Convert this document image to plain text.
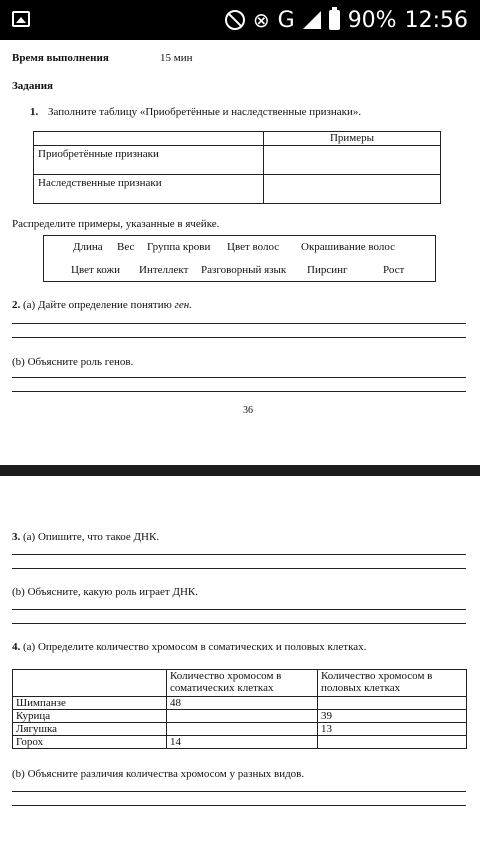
⊗ G 90% 12:56
Время выполнения	15 мин
Задания
1. Заполните таблицу «Приобретённые и наследственные признаки».
	Примеры
Приобретённые признаки	
Наследственные признаки	
Распределите примеры, указанные в ячейке.
Длина Вес Группа крови Цвет волос Окрашивание волос
Цвет кожи Интеллект Разговорный язык Пирсинг	Рост
2. (a) Дайте определение понятию ген.
(b) Объясните роль генов.
36
3. (a) Опишите, что такое ДНК.
(b) Объясните, какую роль играет ДНК.
4. (a) Определите количество хромосом в соматических и половых клетках.
	Количество хромосом в соматических клетках	Количество хромосом в половых клетках
Шимпанзе	48	
Курица		39
Лягушка		13
Горох	14	
(b) Объясните различия количества хромосом у разных видов.
